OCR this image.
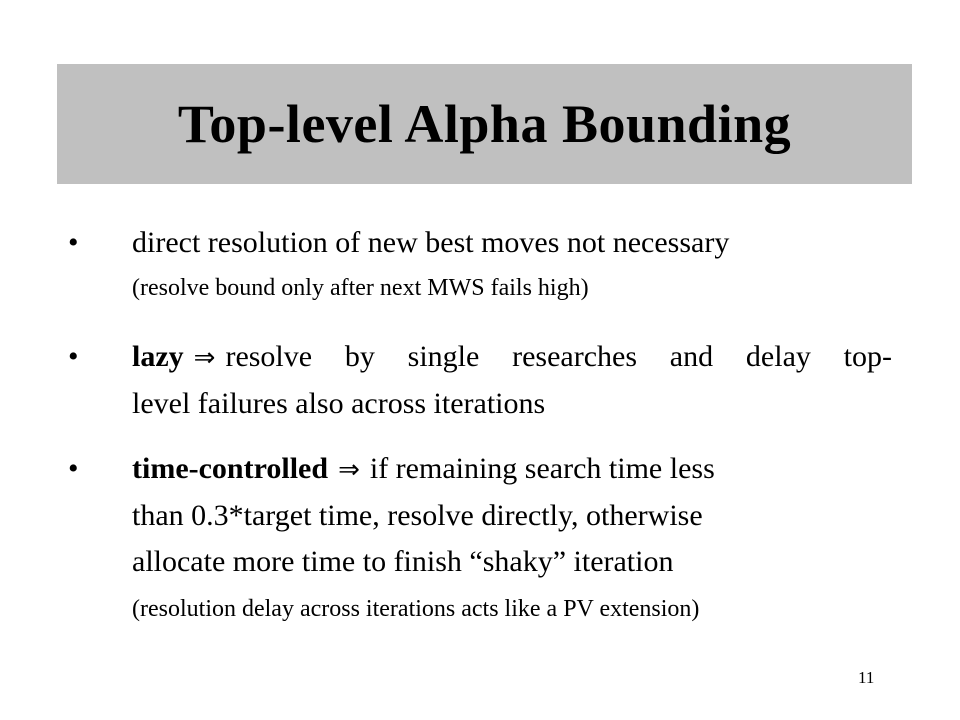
Top-level Alpha Bounding
• direct resolution of new best moves not necessary
(resolve bound only after next MWS fails high)
• lazy ⇒ resolve by single researches and delay top-
level failures also across iterations
• time-controlled ⇒ if remaining search time less
than 0.3*target time, resolve directly, otherwise
allocate more time to finish “shaky” iteration
(resolution delay across iterations acts like a PV extension)
11
